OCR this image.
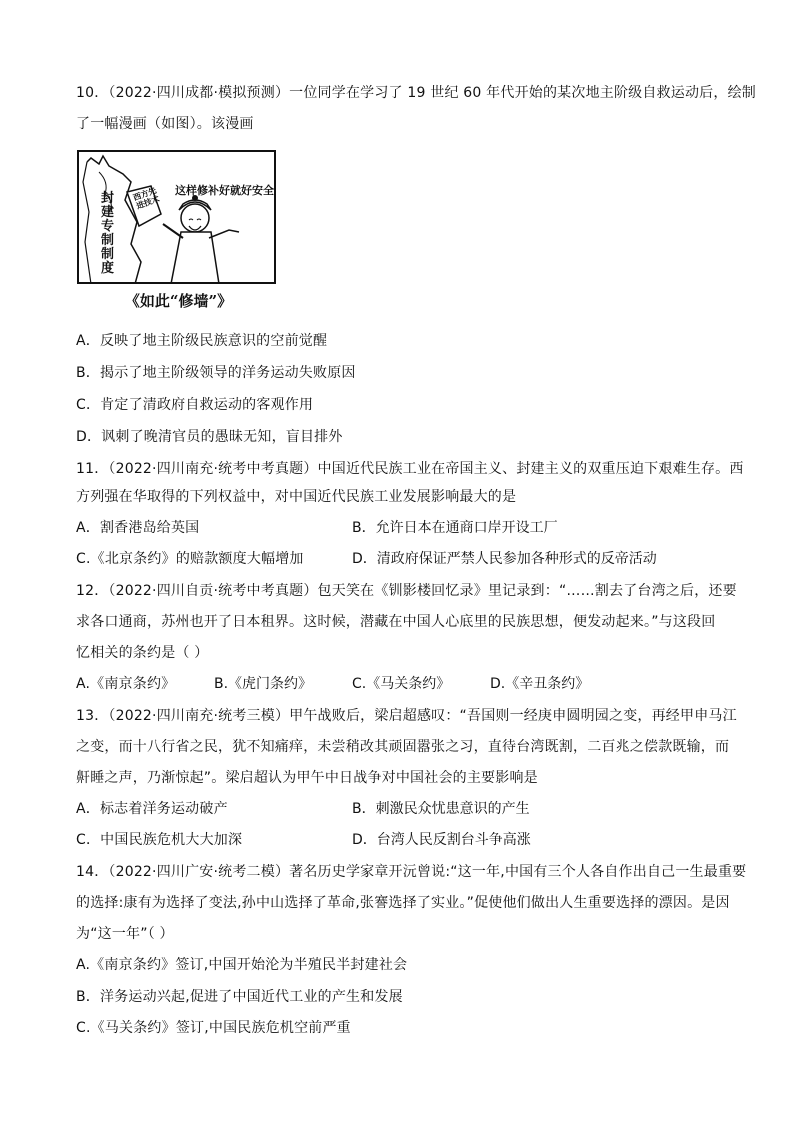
10．（2022·四川成都·模拟预测）一位同学在学习了 19 世纪 60 年代开始的某次地主阶级自救运动后，绘制
了一幅漫画（如图）。该漫画
这样修补好就好安全
封建专制制度
西方先进技术
《如此“修墙”》
A．反映了地主阶级民族意识的空前觉醒
B．揭示了地主阶级领导的洋务运动失败原因
C．肯定了清政府自救运动的客观作用
D．讽刺了晚清官员的愚昧无知，盲目排外
11．（2022·四川南充·统考中考真题）中国近代民族工业在帝国主义、封建主义的双重压迫下艰难生存。西
方列强在华取得的下列权益中，对中国近代民族工业发展影响最大的是
A．割香港岛给英国	B．允许日本在通商口岸开设工厂
C.《北京条约》的赔款额度大幅增加	D．清政府保证严禁人民参加各种形式的反帝活动
12．（2022·四川自贡·统考中考真题）包天笑在《钏影楼回忆录》里记录到：“……割去了台湾之后，还要
求各口通商，苏州也开了日本租界。这时候，潜藏在中国人心底里的民族思想，便发动起来。”与这段回
忆相关的条约是（ ）
A.《南京条约》	B.《虎门条约》	C.《马关条约》	D.《辛丑条约》
13．（2022·四川南充·统考三模）甲午战败后，梁启超感叹：“吾国则一经庚申圆明园之变，再经甲申马江
之变，而十八行省之民，犹不知痛痒，未尝稍改其顽固嚣张之习，直待台湾既割，二百兆之偿款既输，而
鼾睡之声，乃渐惊起”。梁启超认为甲午中日战争对中国社会的主要影响是
A．标志着洋务运动破产	B．刺激民众忧患意识的产生
C．中国民族危机大大加深	D．台湾人民反割台斗争高涨
14．（2022·四川广安·统考二模）著名历史学家章开沅曾说:“这一年,中国有三个人各自作出自己一生最重要
的选择:康有为选择了变法,孙中山选择了革命,张謇选择了实业。”促使他们做出人生重要选择的漂因。是因
为“这一年”（ ）
A.《南京条约》签订,中国开始沦为半殖民半封建社会
B．洋务运动兴起,促进了中国近代工业的产生和发展
C.《马关条约》签订,中国民族危机空前严重
